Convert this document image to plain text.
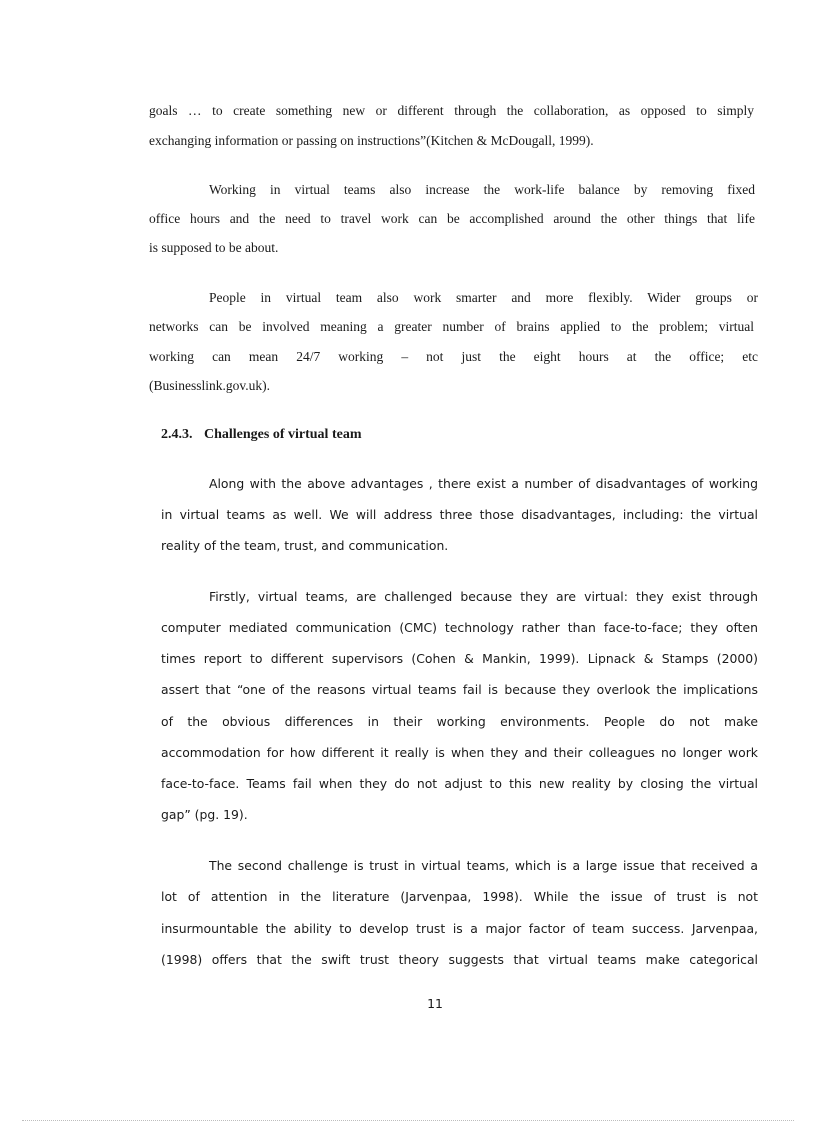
goals … to create something new or different through the collaboration, as opposed to simply
exchanging information or passing on instructions”(Kitchen & McDougall, 1999).
Working in virtual teams also increase the work-life balance by removing fixed
office hours and the need to travel work can be accomplished around the other things that life
is supposed to be about.
People in virtual team also work smarter and more flexibly. Wider groups or
networks can be involved meaning a greater number of brains applied to the problem; virtual
working can mean 24/7 working – not just the eight hours at the office; etc
(Businesslink.gov.uk).
2.4.3. Challenges of virtual team
Along with the above advantages , there exist a number of disadvantages of working
in virtual teams as well. We will address three those disadvantages, including: the virtual
reality of the team, trust, and communication.
Firstly, virtual teams, are challenged because they are virtual: they exist through
computer mediated communication (CMC) technology rather than face-to-face; they often
times report to different supervisors (Cohen & Mankin, 1999). Lipnack & Stamps (2000)
assert that “one of the reasons virtual teams fail is because they overlook the implications
of the obvious differences in their working environments. People do not make
accommodation for how different it really is when they and their colleagues no longer work
face-to-face. Teams fail when they do not adjust to this new reality by closing the virtual
gap” (pg. 19).
The second challenge is trust in virtual teams, which is a large issue that received a
lot of attention in the literature (Jarvenpaa, 1998). While the issue of trust is not
insurmountable the ability to develop trust is a major factor of team success. Jarvenpaa,
(1998) offers that the swift trust theory suggests that virtual teams make categorical
11
